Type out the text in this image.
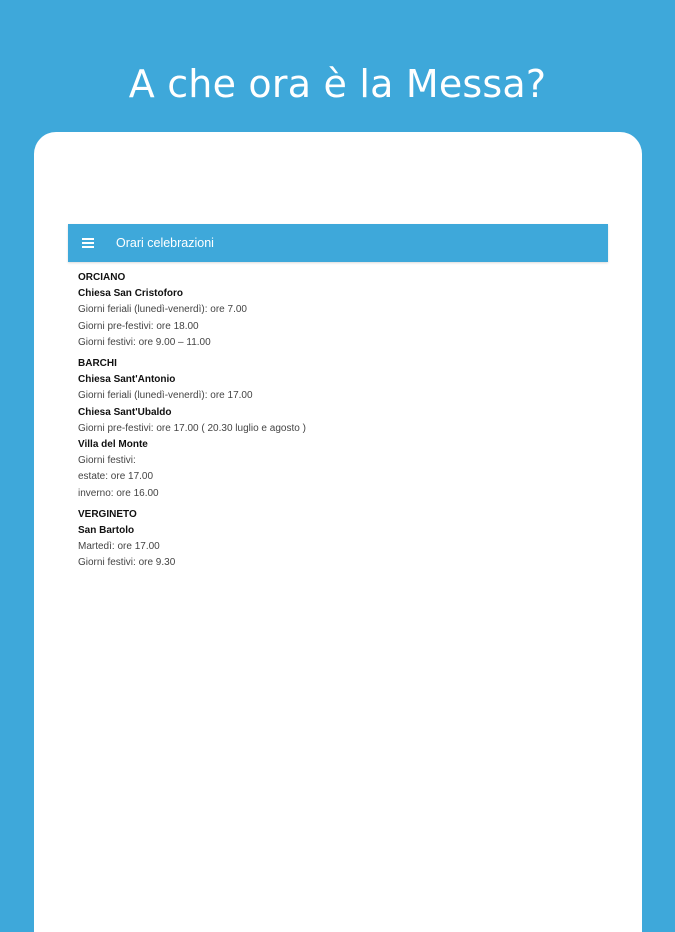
A che ora è la Messa?
Orari celebrazioni
ORCIANO
Chiesa San Cristoforo
Giorni feriali (lunedì-venerdì): ore 7.00
Giorni pre-festivi: ore 18.00
Giorni festivi: ore 9.00 – 11.00
BARCHI
Chiesa Sant'Antonio
Giorni feriali (lunedì-venerdì): ore 17.00
Chiesa Sant'Ubaldo
Giorni pre-festivi: ore 17.00 ( 20.30 luglio e agosto )
Villa del Monte
Giorni festivi:
estate: ore 17.00
inverno: ore 16.00
VERGINETO
San Bartolo
Martedì: ore 17.00
Giorni festivi: ore 9.30
